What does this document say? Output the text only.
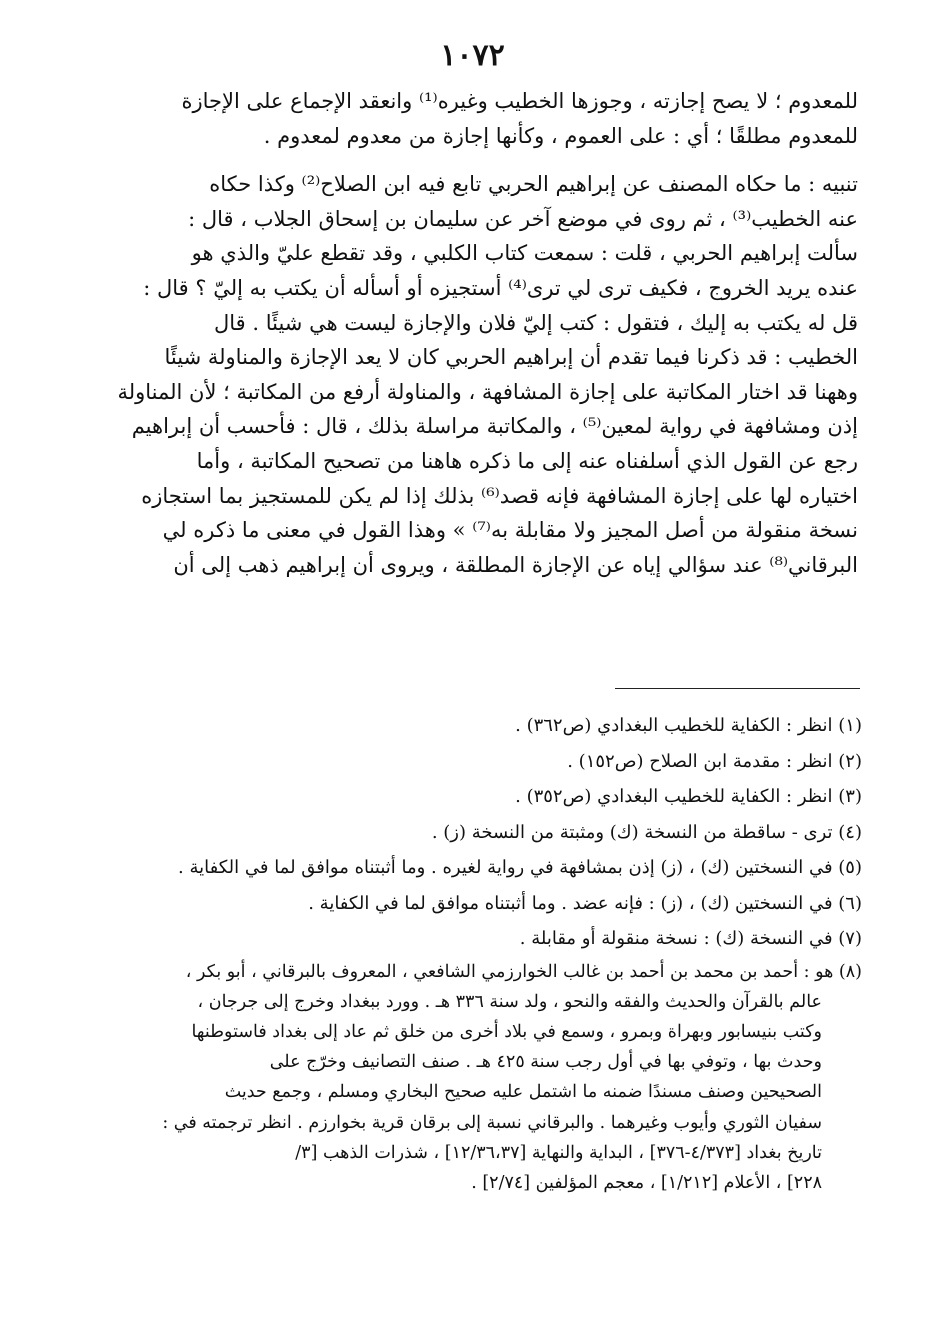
١٠٧٢

للمعدوم ؛ لا يصح إجازته ، وجوزها الخطيب وغيره⁽¹⁾ وانعقد الإجماع على الإجازة
للمعدوم مطلقًا ؛ أي : على العموم ، وكأنها إجازة من معدوم لمعدوم .

تنبيه : ما حكاه المصنف عن إبراهيم الحربي تابع فيه ابن الصلاح⁽²⁾ وكذا حكاه
عنه الخطيب⁽³⁾ ، ثم روى في موضع آخر عن سليمان بن إسحاق الجلاب ، قال :
سألت إبراهيم الحربي ، قلت : سمعت كتاب الكلبي ، وقد تقطع عليّ والذي هو
عنده يريد الخروج ، فكيف ترى لي ترى⁽⁴⁾ أستجيزه أو أسأله أن يكتب به إليّ ؟ قال :
قل له يكتب به إليك ، فتقول : كتب إليّ فلان والإجازة ليست هي شيئًا . قال
الخطيب : قد ذكرنا فيما تقدم أن إبراهيم الحربي كان لا يعد الإجازة والمناولة شيئًا
وههنا قد اختار المكاتبة على إجازة المشافهة ، والمناولة أرفع من المكاتبة ؛ لأن المناولة
إذن ومشافهة في رواية لمعين⁽⁵⁾ ، والمكاتبة مراسلة بذلك ، قال : فأحسب أن إبراهيم
رجع عن القول الذي أسلفناه عنه إلى ما ذكره هاهنا من تصحيح المكاتبة ، وأما
اختياره لها على إجازة المشافهة فإنه قصد⁽⁶⁾ بذلك إذا لم يكن للمستجيز بما استجازه
نسخة منقولة من أصل المجيز ولا مقابلة به⁽⁷⁾ » وهذا القول في معنى ما ذكره لي
البرقاني⁽⁸⁾ عند سؤالي إياه عن الإجازة المطلقة ، ويروى أن إبراهيم ذهب إلى أن

(١) انظر : الكفاية للخطيب البغدادي (ص٣٦٢) .
(٢) انظر : مقدمة ابن الصلاح (ص١٥٢) .
(٣) انظر : الكفاية للخطيب البغدادي (ص٣٥٢) .
(٤) ترى - ساقطة من النسخة (ك) ومثبتة من النسخة (ز) .
(٥) في النسختين (ك) ، (ز) إذن بمشافهة في رواية لغيره . وما أثبتناه موافق لما في الكفاية .
(٦) في النسختين (ك) ، (ز) : فإنه عضد . وما أثبتناه موافق لما في الكفاية .
(٧) في النسخة (ك) : نسخة منقولة أو مقابلة .
(٨) هو : أحمد بن محمد بن أحمد بن غالب الخوارزمي الشافعي ، المعروف بالبرقاني ، أبو بكر ،
عالم بالقرآن والحديث والفقه والنحو ، ولد سنة ٣٣٦ هـ . وورد ببغداد وخرج إلى جرجان ،
وكتب بنيسابور وبهراة وبمرو ، وسمع في بلاد أخرى من خلق ثم عاد إلى بغداد فاستوطنها
وحدث بها ، وتوفي بها في أول رجب سنة ٤٢٥ هـ . صنف التصانيف وخرّج على
الصحيحين وصنف مسندًا ضمنه ما اشتمل عليه صحيح البخاري ومسلم ، وجمع حديث
سفيان الثوري وأيوب وغيرهما . والبرقاني نسبة إلى برقان قرية بخوارزم . انظر ترجمته في :
تاريخ بغداد [٤/٣٧٣-٣٧٦] ، البداية والنهاية [١٢/٣٦،٣٧] ، شذرات الذهب [٣/
٢٢٨] ، الأعلام [١/٢١٢] ، معجم المؤلفين [٢/٧٤] .
